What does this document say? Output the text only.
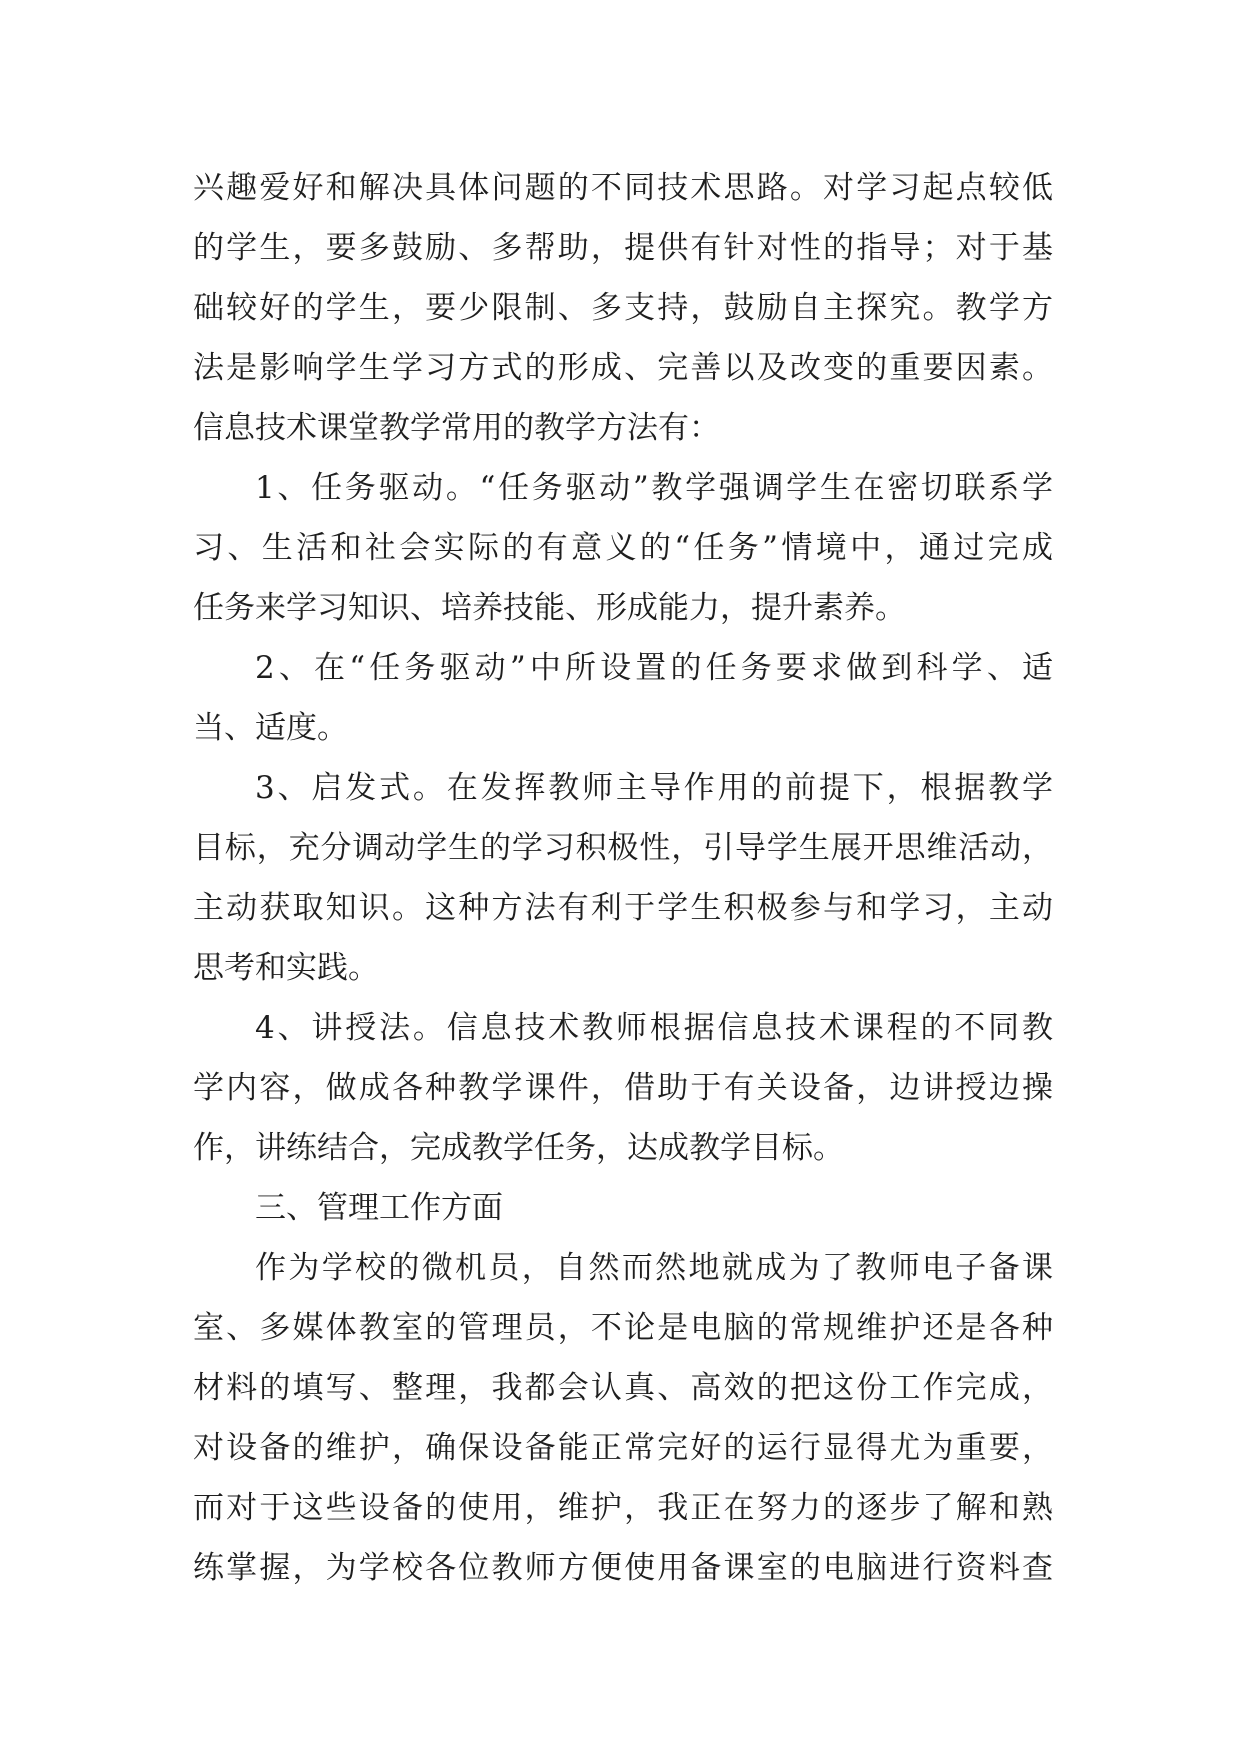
兴趣爱好和解决具体问题的不同技术思路。对学习起点较低
的学生，要多鼓励、多帮助，提供有针对性的指导；对于基
础较好的学生，要少限制、多支持，鼓励自主探究。教学方
法是影响学生学习方式的形成、完善以及改变的重要因素。
信息技术课堂教学常用的教学方法有：
1、任务驱动。“任务驱动”教学强调学生在密切联系学
习、生活和社会实际的有意义的“任务”情境中，通过完成
任务来学习知识、培养技能、形成能力，提升素养。
2、在“任务驱动”中所设置的任务要求做到科学、适
当、适度。
3、启发式。在发挥教师主导作用的前提下，根据教学
目标，充分调动学生的学习积极性，引导学生展开思维活动，
主动获取知识。这种方法有利于学生积极参与和学习，主动
思考和实践。
4、讲授法。信息技术教师根据信息技术课程的不同教
学内容，做成各种教学课件，借助于有关设备，边讲授边操
作，讲练结合，完成教学任务，达成教学目标。
三、管理工作方面
作为学校的微机员，自然而然地就成为了教师电子备课
室、多媒体教室的管理员，不论是电脑的常规维护还是各种
材料的填写、整理，我都会认真、高效的把这份工作完成，
对设备的维护，确保设备能正常完好的运行显得尤为重要，
而对于这些设备的使用，维护，我正在努力的逐步了解和熟
练掌握，为学校各位教师方便使用备课室的电脑进行资料查
